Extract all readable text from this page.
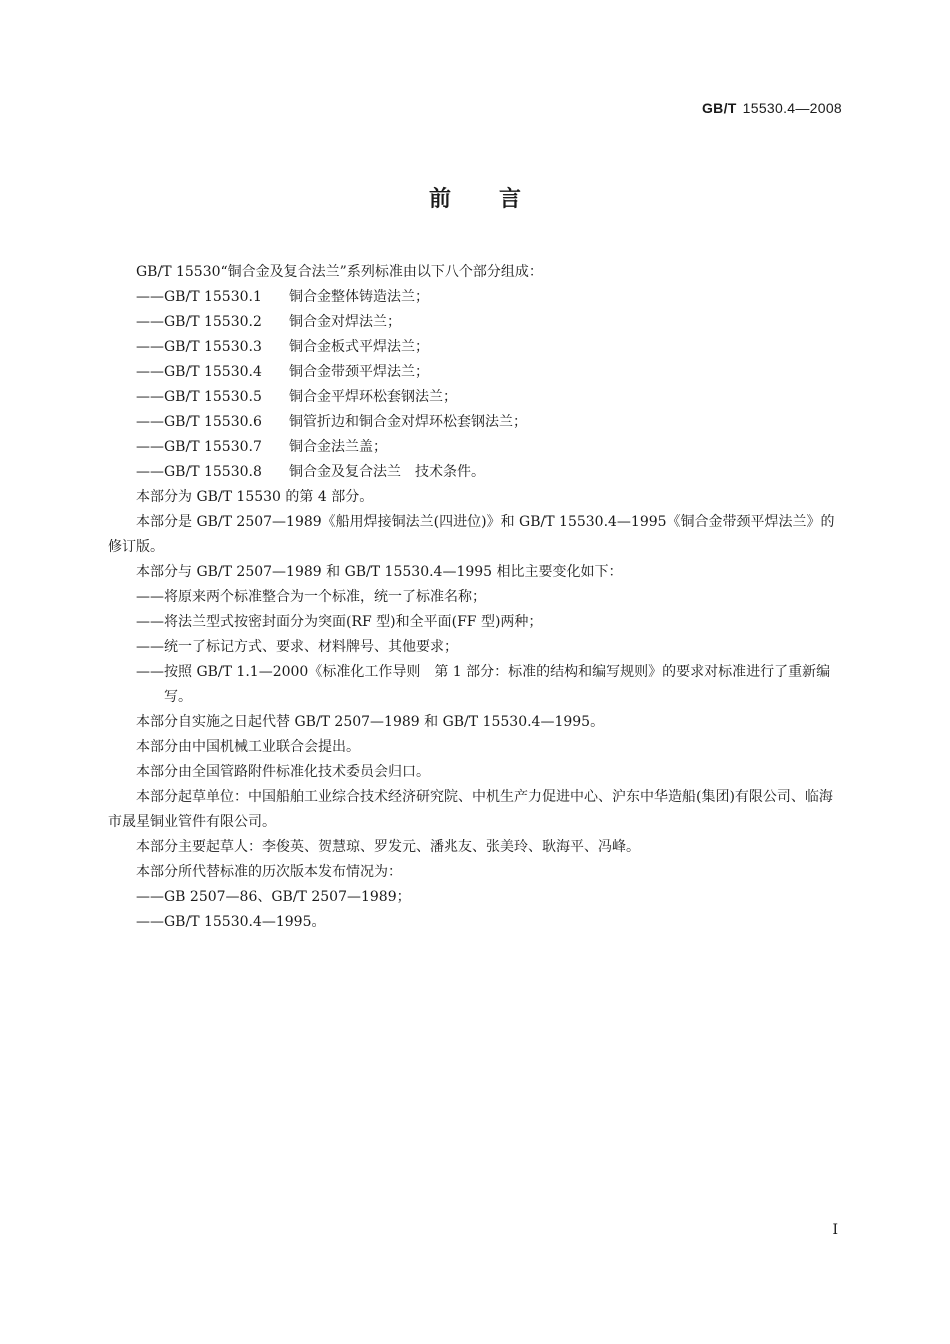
GB/T 15530.4—2008
前 言

GB/T 15530“铜合金及复合法兰”系列标准由以下八个部分组成：

——GB/T 15530.1 铜合金整体铸造法兰；

——GB/T 15530.2 铜合金对焊法兰；

——GB/T 15530.3 铜合金板式平焊法兰；

——GB/T 15530.4 铜合金带颈平焊法兰；

——GB/T 15530.5 铜合金平焊环松套钢法兰；

——GB/T 15530.6 铜管折边和铜合金对焊环松套钢法兰；

——GB/T 15530.7 铜合金法兰盖；

——GB/T 15530.8 铜合金及复合法兰　技术条件。

本部分为 GB/T 15530 的第 4 部分。

本部分是 GB/T 2507—1989《船用焊接铜法兰(四进位)》和 GB/T 15530.4—1995《铜合金带颈平焊法兰》的修订版。

本部分与 GB/T 2507—1989 和 GB/T 15530.4—1995 相比主要变化如下：

——将原来两个标准整合为一个标准，统一了标准名称；

——将法兰型式按密封面分为突面(RF 型)和全平面(FF 型)两种；

——统一了标记方式、要求、材料牌号、其他要求；

——按照 GB/T 1.1—2000《标准化工作导则　第 1 部分：标准的结构和编写规则》的要求对标准进行了重新编写。

本部分自实施之日起代替 GB/T 2507—1989 和 GB/T 15530.4—1995。

本部分由中国机械工业联合会提出。

本部分由全国管路附件标准化技术委员会归口。

本部分起草单位：中国船舶工业综合技术经济研究院、中机生产力促进中心、沪东中华造船(集团)有限公司、临海市晟星铜业管件有限公司。

本部分主要起草人：李俊英、贺慧琼、罗发元、潘兆友、张美玲、耿海平、冯峰。

本部分所代替标准的历次版本发布情况为：

——GB 2507—86、GB/T 2507—1989；

——GB/T 15530.4—1995。

I
